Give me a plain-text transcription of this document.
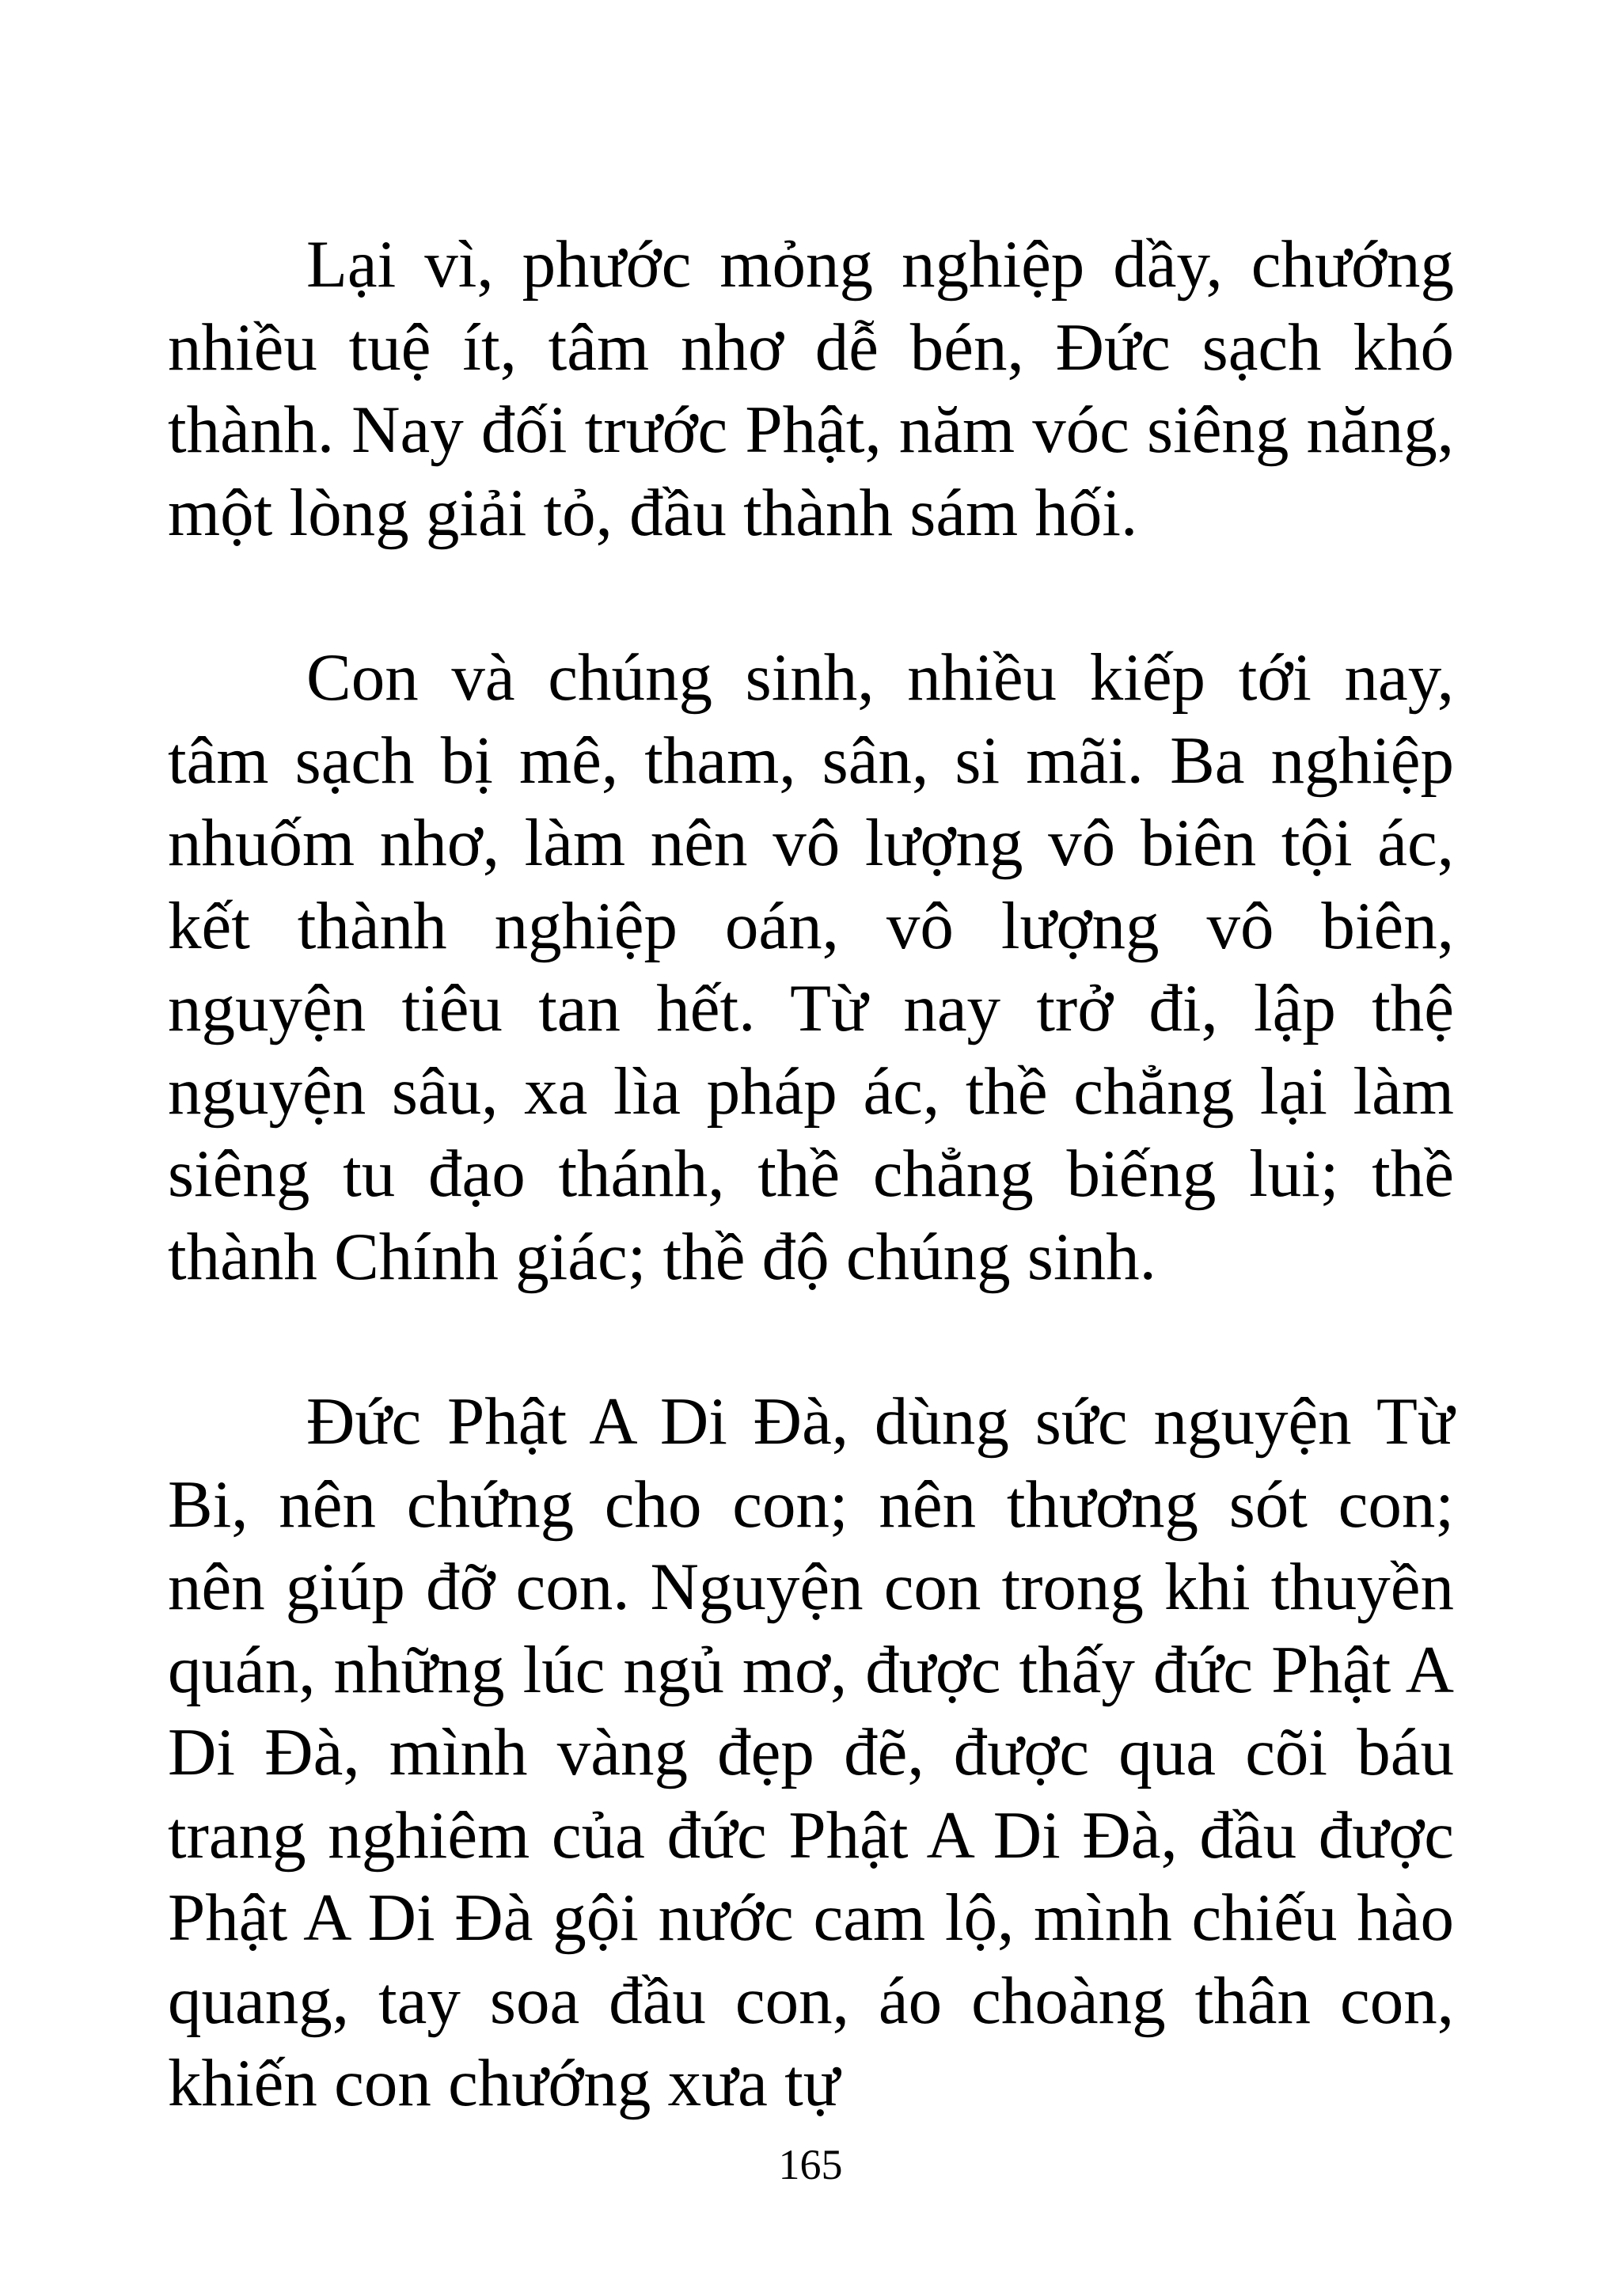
Lại vì, phước mỏng nghiệp dầy, chướng nhiều tuệ ít, tâm nhơ dễ bén, Đức sạch khó thành. Nay đối trước Phật, năm vóc siêng năng, một lòng giải tỏ, đầu thành sám hối.

Con và chúng sinh, nhiều kiếp tới nay, tâm sạch bị mê, tham, sân, si mãi. Ba nghiệp nhuốm nhơ, làm nên vô lượng vô biên tội ác, kết thành nghiệp oán, vô lượng vô biên, nguyện tiêu tan hết. Từ nay trở đi, lập thệ nguyện sâu, xa lìa pháp ác, thề chẳng lại làm siêng tu đạo thánh, thề chẳng biếng lui; thề thành Chính giác; thề độ chúng sinh.

Đức Phật A Di Đà, dùng sức nguyện Từ Bi, nên chứng cho con; nên thương sót con; nên giúp đỡ con. Nguyện con trong khi thuyền quán, những lúc ngủ mơ, được thấy đức Phật A Di Đà, mình vàng đẹp đẽ, được qua cõi báu trang nghiêm của đức Phật A Di Đà, đầu được Phật A Di Đà gội nước cam lộ, mình chiếu hào quang, tay soa đầu con, áo choàng thân con, khiến con chướng xưa tự

165
